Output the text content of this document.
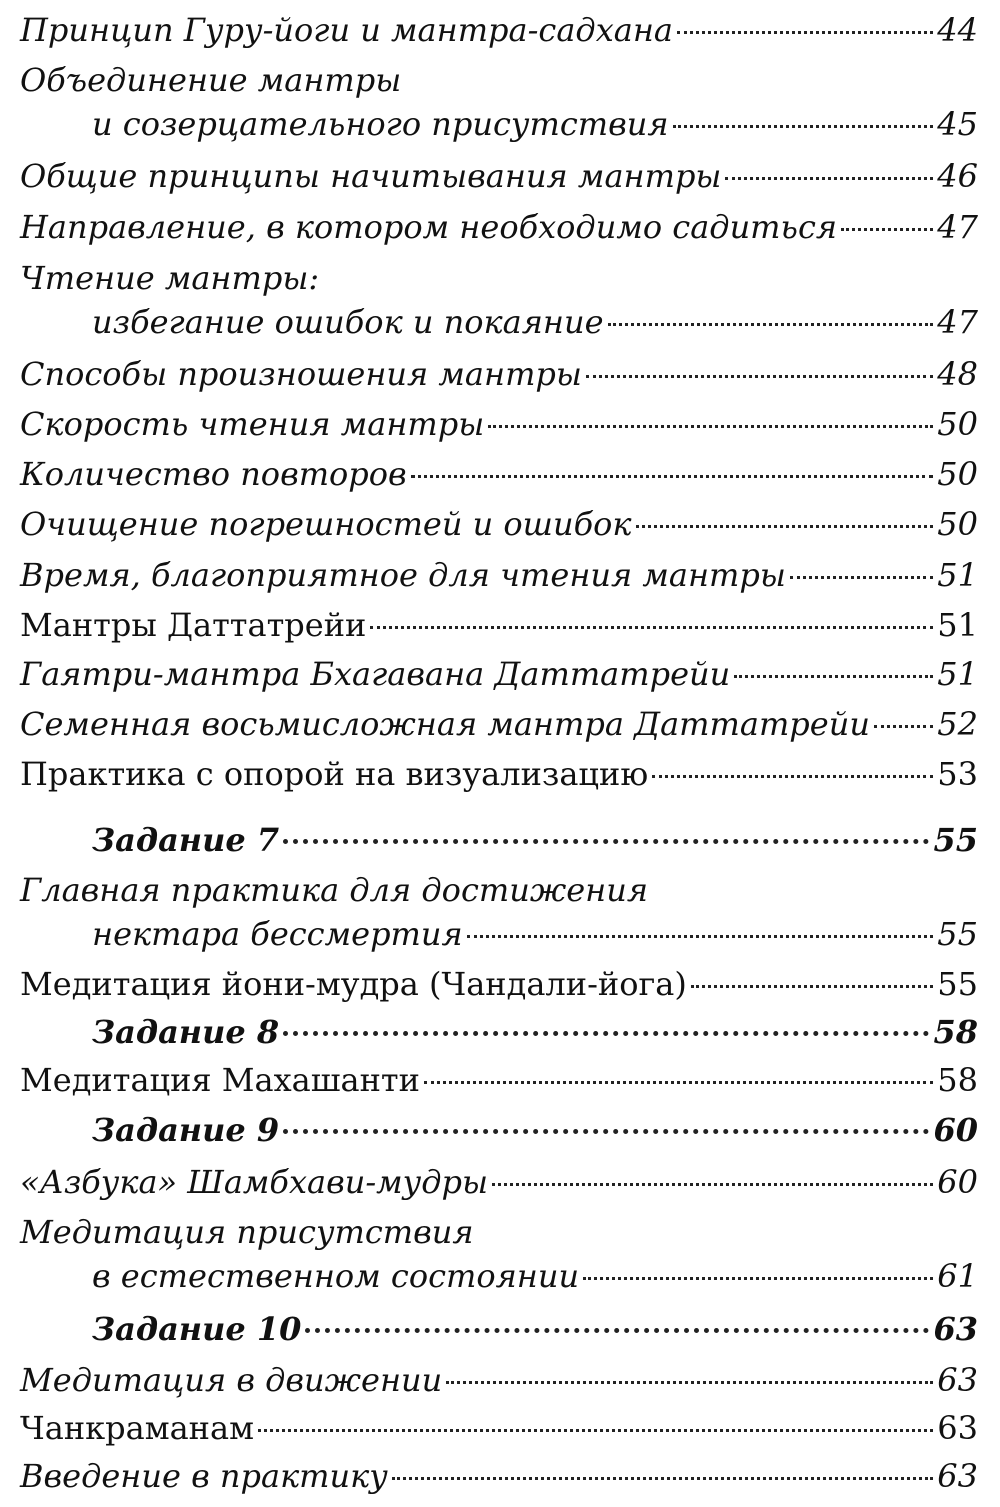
Принцип Гуру-йоги и мантра-садхана	44
Объединение мантры
и созерцательного присутствия	45
Общие принципы начитывания мантры	46
Направление, в котором необходимо садиться	47
Чтение мантры:
избегание ошибок и покаяние	47
Способы произношения мантры	48
Скорость чтения мантры	50
Количество повторов	50
Очищение погрешностей и ошибок	50
Время, благоприятное для чтения мантры	51
Мантры Даттатрейи	51
Гаятри-мантра Бхагавана Даттатрейи	51
Семенная восьмисложная мантра Даттатрейи 52
Практика с опорой на визуализацию	53
Задание 7	55
Главная практика для достижения
нектара бессмертия	55
Медитация йони-мудра (Чандали-йога)	55
Задание 8	58
Медитация Махашанти	58
Задание 9	60
«Азбука» Шамбхави-мудры	60
Медитация присутствия
в естественном состоянии	61
Задание 10	63
Медитация в движении	63
Чанкраманам	63
Введение в практику	63
